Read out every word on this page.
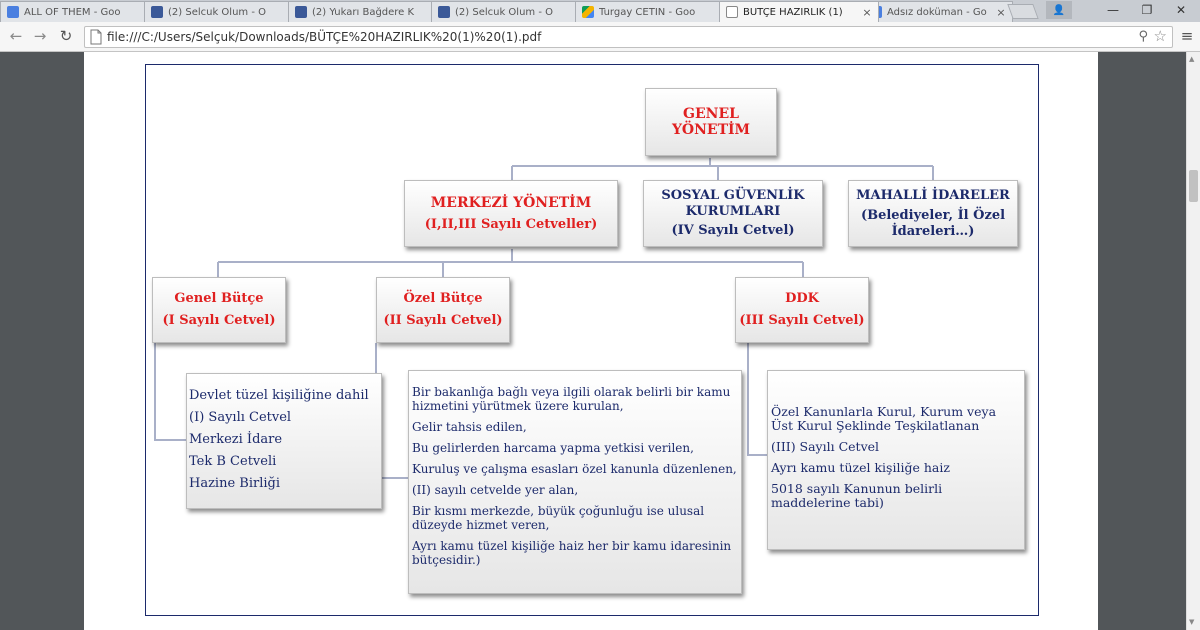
ALL OF THEM - Goo	(2) Selcuk Olum - Ö	(2) Yukarı Bağdere K	(2) Selcuk Olum - Ö	Turgay CETIN - Goo	BÜTÇE HAZIRLIK (1)	× Adsız doküman - Go ×	👤	—	❐	✕
← → ↻	file:///C:/Users/Selçuk/Downloads/BÜTÇE%20HAZIRLIK%20(1)%20(1).pdf	⚲ ☆ ≡
▲
▼
GENEL
YÖNETİM
MERKEZİ YÖNETİM
(I,II,III Sayılı Cetveller)
SOSYAL GÜVENLİK
KURUMLARI
(IV Sayılı Cetvel)
MAHALLİ İDARELER
(Belediyeler, İl Özel
İdareleri…)
Genel Bütçe
(I Sayılı Cetvel)
Özel Bütçe
(II Sayılı Cetvel)
DDK
(III Sayılı Cetvel)

Devlet tüzel kişiliğine dahil

(I) Sayılı Cetvel

Merkezi İdare

Tek B Cetveli

Hazine Birliği

Bir bakanlığa bağlı veya ilgili olarak belirli bir kamu hizmetini yürütmek üzere kurulan,

Gelir tahsis edilen,

Bu gelirlerden harcama yapma yetkisi verilen,

Kuruluş ve çalışma esasları özel kanunla düzenlenen,

(II) sayılı cetvelde yer alan,

Bir kısmı merkezde, büyük çoğunluğu ise ulusal düzeyde hizmet veren,

Ayrı kamu tüzel kişiliğe haiz her bir kamu idaresinin bütçesidir.)

Özel Kanunlarla Kurul, Kurum veya Üst Kurul Şeklinde Teşkilatlanan

(III) Sayılı Cetvel

Ayrı kamu tüzel kişiliğe haiz

5018 sayılı Kanunun belirli maddelerine tabi)
